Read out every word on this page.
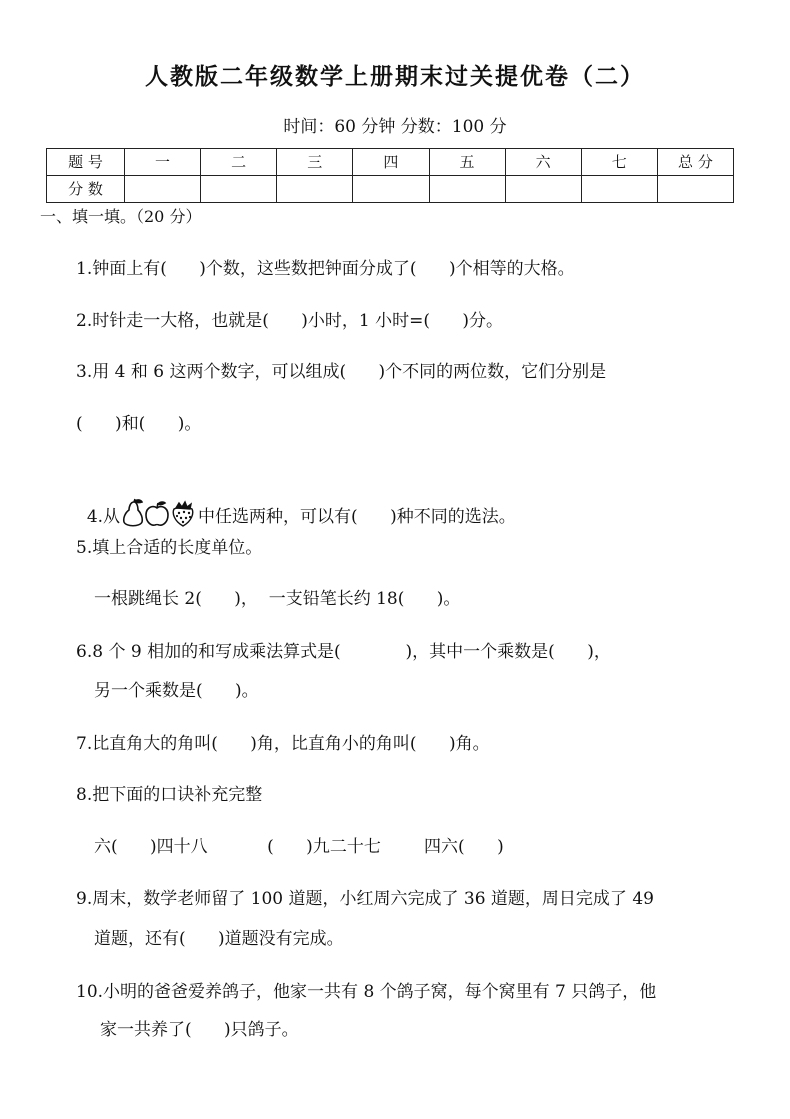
人教版二年级数学上册期末过关提优卷（二）
时间：60 分钟 分数：100 分
题 号	一	二	三	四	五	六	七	总 分
分 数								
一、填一填。（20 分）
1.钟面上有(      )个数，这些数把钟面分成了(      )个相等的大格。
2.时针走一大格，也就是(      )小时，1 小时=(      )分。
3.用 4 和 6 这两个数字，可以组成(      )个不同的两位数，它们分别是
(      )和(      )。

4.从	中任选两种，可以有(      )种不同的选法。

5.填上合适的长度单位。
一根跳绳长 2(      )，  一支铅笔长约 18(      )。
6.8 个 9 相加的和写成乘法算式是(            )，其中一个乘数是(      )，
另一个乘数是(      )。
7.比直角大的角叫(      )角，比直角小的角叫(      )角。
8.把下面的口诀补充完整
六(      )四十八           (      )九二十七        四六(      )
9.周末，数学老师留了 100 道题，小红周六完成了 36 道题，周日完成了 49
道题，还有(      )道题没有完成。
10.小明的爸爸爱养鸽子，他家一共有 8 个鸽子窝，每个窝里有 7 只鸽子，他
家一共养了(      )只鸽子。
